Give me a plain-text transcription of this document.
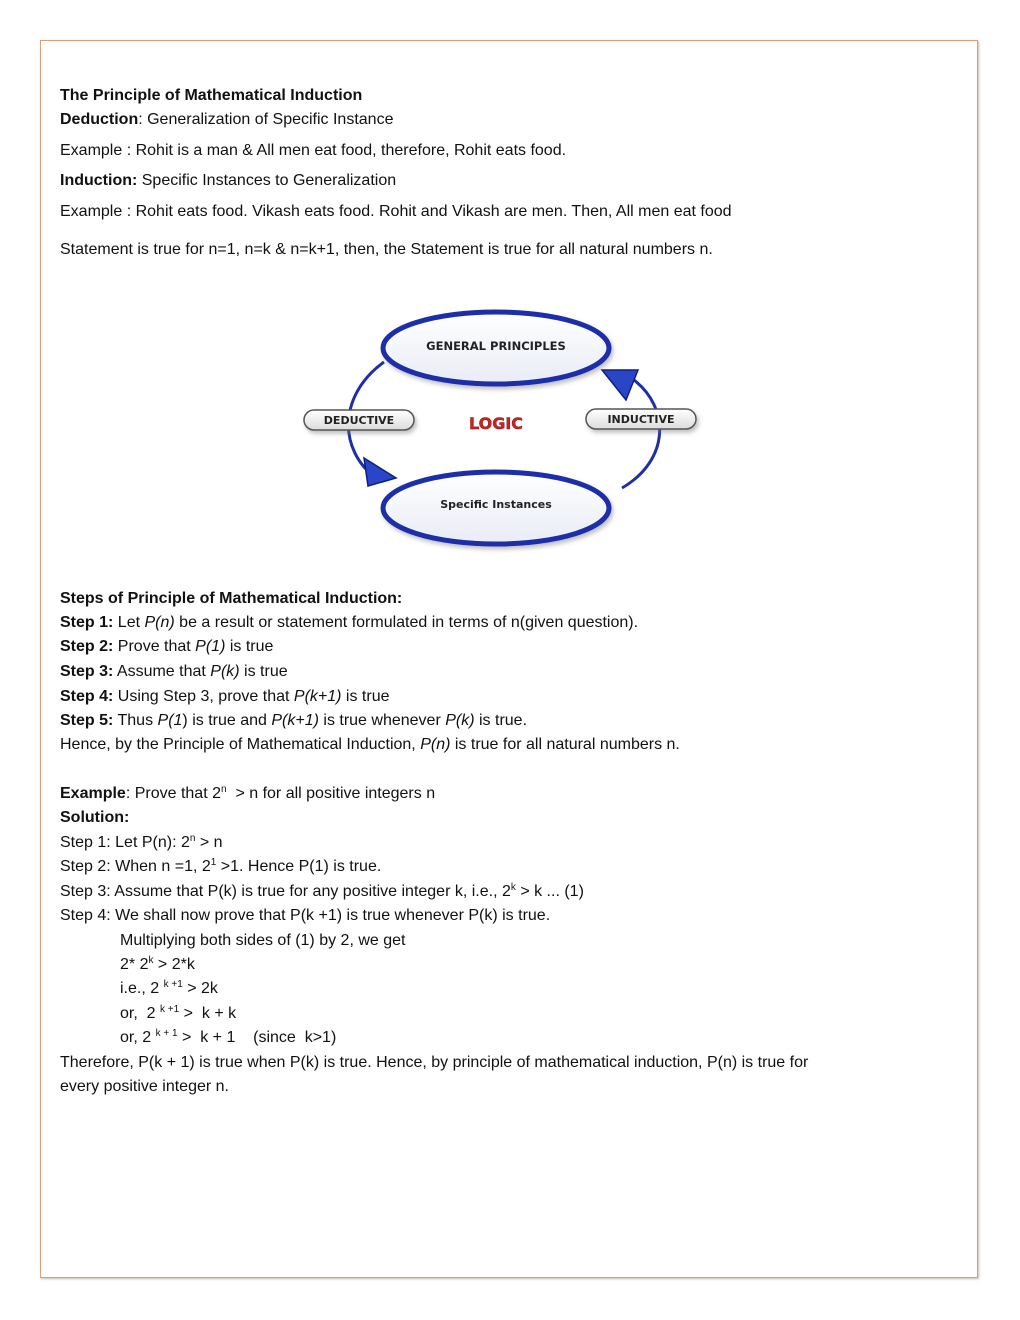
The Principle of Mathematical Induction
Deduction: Generalization of Specific Instance
Example : Rohit is a man & All men eat food, therefore, Rohit eats food.
Induction: Specific Instances to Generalization
Example : Rohit eats food. Vikash eats food. Rohit and Vikash are men. Then, All men eat food
Statement is true for n=1, n=k & n=k+1, then, the Statement is true for all natural numbers n.
GENERAL PRINCIPLES
Specific Instances
DEDUCTIVE	INDUCTIVE
LOGIC
Steps of Principle of Mathematical Induction:
Step 1: Let P(n) be a result or statement formulated in terms of n(given question).
Step 2: Prove that P(1) is true
Step 3: Assume that P(k) is true
Step 4: Using Step 3, prove that P(k+1) is true
Step 5: Thus P(1) is true and P(k+1) is true whenever P(k) is true.
Hence, by the Principle of Mathematical Induction, P(n) is true for all natural numbers n.
Example: Prove that 2$^n$  > n for all positive integers n
Solution:
Step 1: Let P(n): $2^n > n$
Step 2: When n =1, $2^1 >1$. Hence P(1) is true.
Step 3: Assume that P(k) is true for any positive integer k, i.e., $2^k > k$ ... (1)
Step 4: We shall now prove that P(k +1) is true whenever P(k) is true.
Multiplying both sides of (1) by 2, we get
2* $2^k > 2*k$
i.e., 2 $^{k +1}$ > 2k
or,  2 $^{k +1}$ >  k + k
or, 2 $^{k + 1}$ >  k + 1    (since  k>1)
Therefore, P(k + 1) is true when P(k) is true. Hence, by principle of mathematical induction, P(n) is true for
every positive integer n.
